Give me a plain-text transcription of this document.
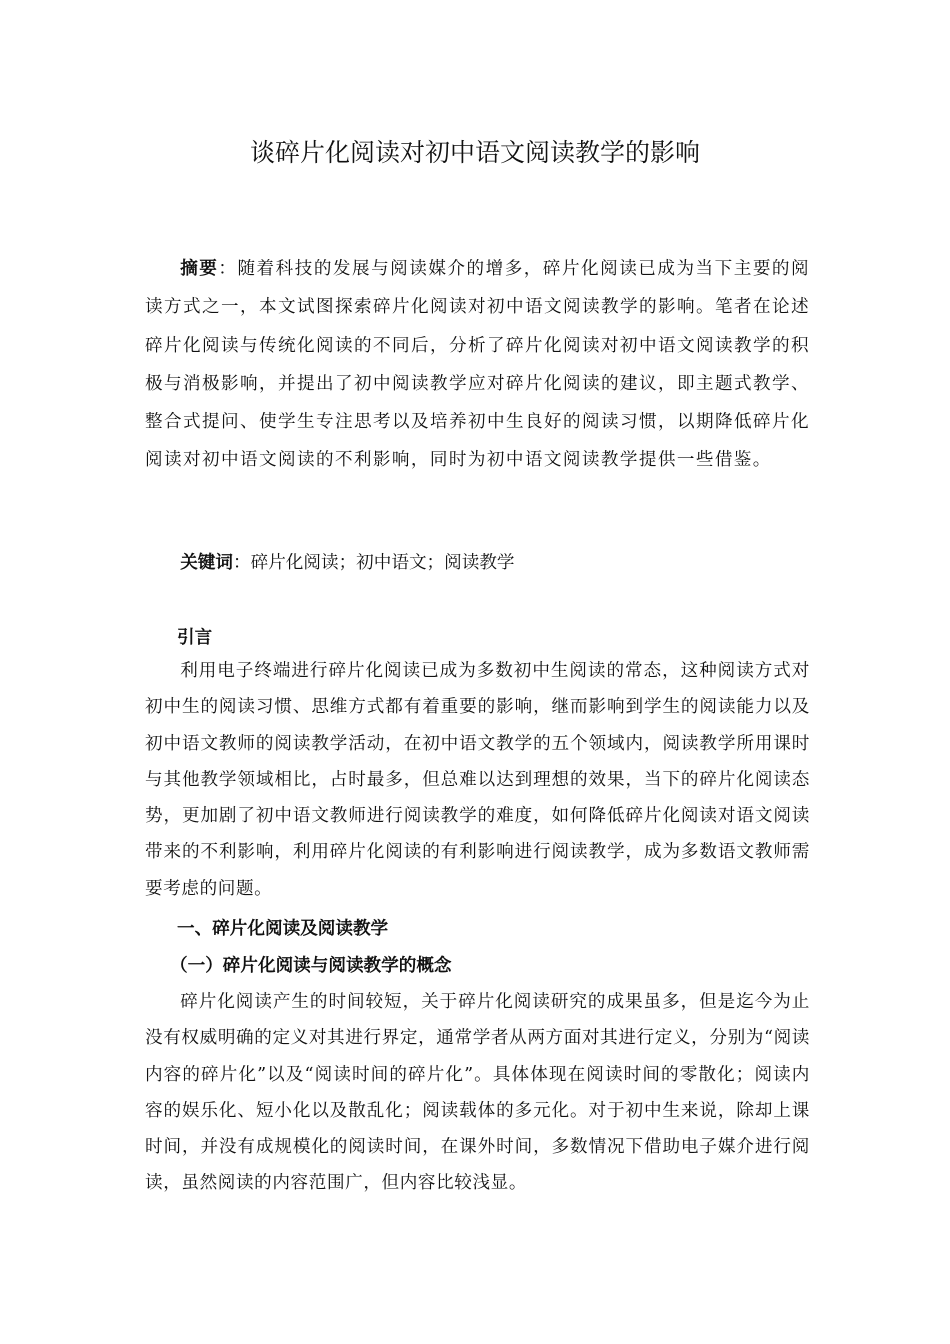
谈碎片化阅读对初中语文阅读教学的影响

摘要：随着科技的发展与阅读媒介的增多，碎片化阅读已成为当下主要的阅读方式之一，本文试图探索碎片化阅读对初中语文阅读教学的影响。笔者在论述碎片化阅读与传统化阅读的不同后，分析了碎片化阅读对初中语文阅读教学的积极与消极影响，并提出了初中阅读教学应对碎片化阅读的建议，即主题式教学、整合式提问、使学生专注思考以及培养初中生良好的阅读习惯，以期降低碎片化阅读对初中语文阅读的不利影响，同时为初中语文阅读教学提供一些借鉴。

关键词：碎片化阅读；初中语文；阅读教学

引言

利用电子终端进行碎片化阅读已成为多数初中生阅读的常态，这种阅读方式对初中生的阅读习惯、思维方式都有着重要的影响，继而影响到学生的阅读能力以及初中语文教师的阅读教学活动，在初中语文教学的五个领域内，阅读教学所用课时与其他教学领域相比，占时最多，但总难以达到理想的效果，当下的碎片化阅读态势，更加剧了初中语文教师进行阅读教学的难度，如何降低碎片化阅读对语文阅读带来的不利影响，利用碎片化阅读的有利影响进行阅读教学，成为多数语文教师需要考虑的问题。

一、碎片化阅读及阅读教学
（一）碎片化阅读与阅读教学的概念

碎片化阅读产生的时间较短，关于碎片化阅读研究的成果虽多，但是迄今为止没有权威明确的定义对其进行界定，通常学者从两方面对其进行定义，分别为“阅读内容的碎片化”以及“阅读时间的碎片化”。具体体现在阅读时间的零散化；阅读内容的娱乐化、短小化以及散乱化；阅读载体的多元化。对于初中生来说，除却上课时间，并没有成规模化的阅读时间，在课外时间，多数情况下借助电子媒介进行阅读，虽然阅读的内容范围广，但内容比较浅显。
